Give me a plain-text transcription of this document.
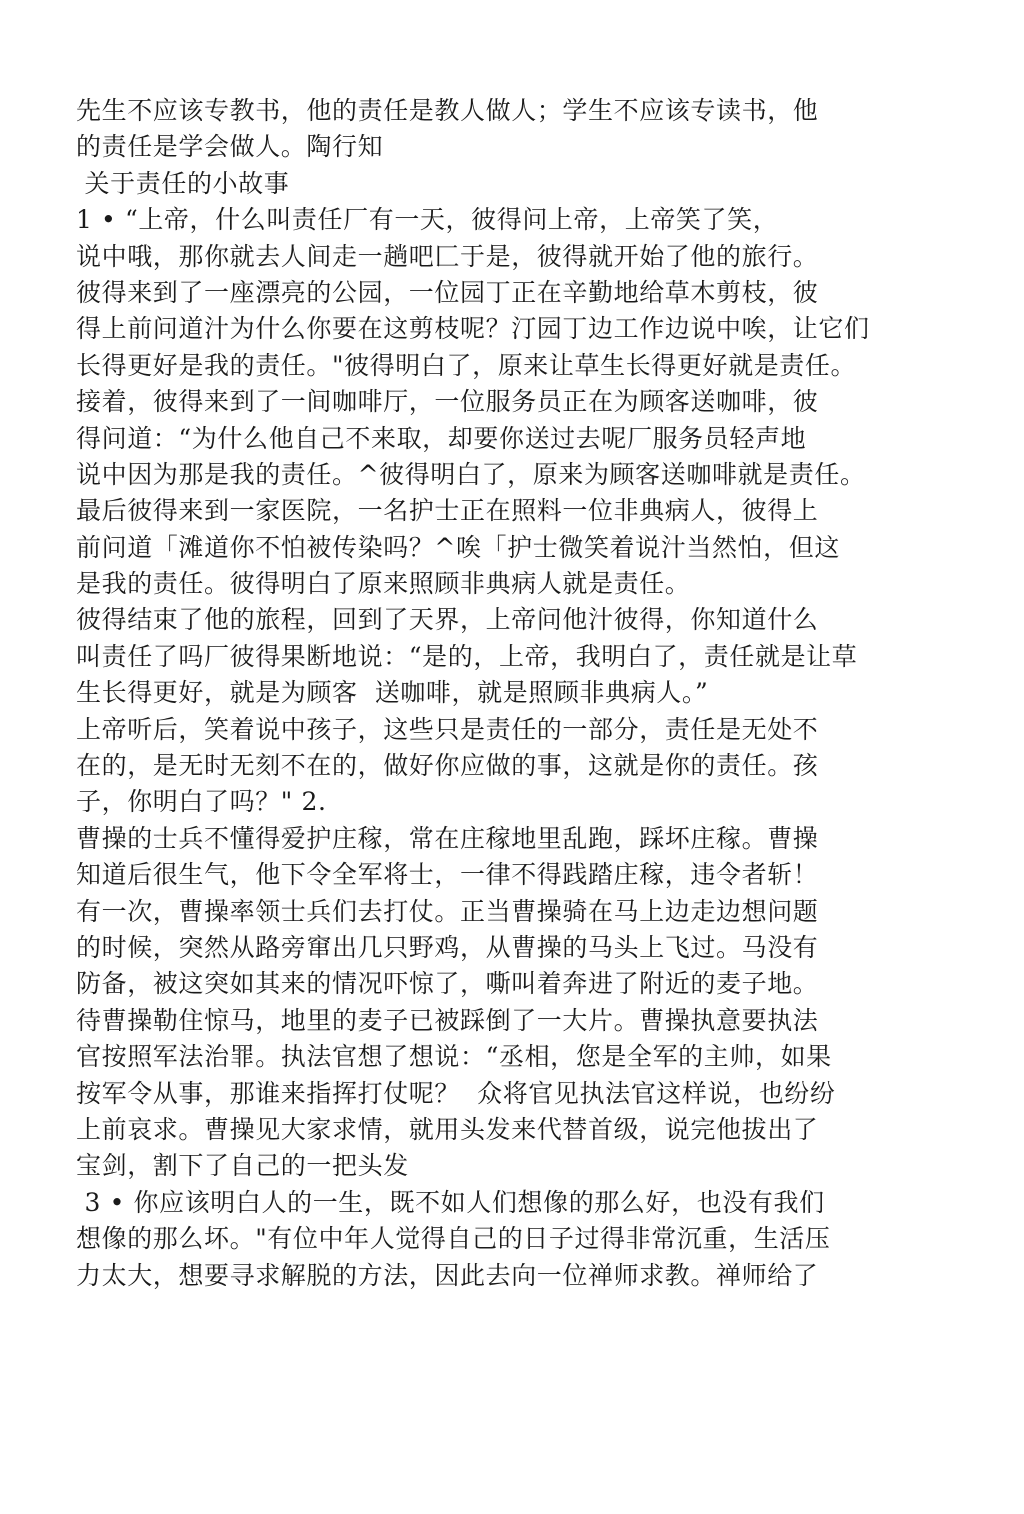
先生不应该专教书，他的责任是教人做人；学生不应该专读书，他
的责任是学会做人。陶行知
关于责任的小故事
1 • “上帝，什么叫责任厂有一天，彼得问上帝，上帝笑了笑，
说中哦，那你就去人间走一趟吧匚于是，彼得就开始了他的旅行。
彼得来到了一座漂亮的公园，一位园丁正在辛勤地给草木剪枝，彼
得上前问道汁为什么你要在这剪枝呢？汀园丁边工作边说中唉，让它们
长得更好是我的责任。"彼得明白了，原来让草生长得更好就是责任。
接着，彼得来到了一间咖啡厅，一位服务员正在为顾客送咖啡，彼
得问道：“为什么他自己不来取，却要你送过去呢厂服务员轻声地
说中因为那是我的责任。^彼得明白了，原来为顾客送咖啡就是责任。
最后彼得来到一家医院，一名护士正在照料一位非典病人，彼得上
前问道「滩道你不怕被传染吗？^唉「护士微笑着说汁当然怕，但这
是我的责任。彼得明白了原来照顾非典病人就是责任。
彼得结束了他的旅程，回到了天界，上帝问他汁彼得，你知道什么
叫责任了吗厂彼得果断地说：“是的，上帝，我明白了，责任就是让草
生长得更好，就是为顾客  送咖啡，就是照顾非典病人。”
上帝听后，笑着说中孩子，这些只是责任的一部分，责任是无处不
在的，是无时无刻不在的，做好你应做的事，这就是你的责任。孩
子，你明白了吗？" 2.
曹操的士兵不懂得爱护庄稼，常在庄稼地里乱跑，踩坏庄稼。曹操
知道后很生气，他下令全军将士，一律不得践踏庄稼，违令者斩！
有一次，曹操率领士兵们去打仗。正当曹操骑在马上边走边想问题
的时候，突然从路旁窜出几只野鸡，从曹操的马头上飞过。马没有
防备，被这突如其来的情况吓惊了，嘶叫着奔进了附近的麦子地。
待曹操勒住惊马，地里的麦子已被踩倒了一大片。曹操执意要执法
官按照军法治罪。执法官想了想说：“丞相，您是全军的主帅，如果
按军令从事，那谁来指挥打仗呢？  众将官见执法官这样说，也纷纷
上前哀求。曹操见大家求情，就用头发来代替首级，说完他拔出了
宝剑，割下了自己的一把头发
3 • 你应该明白人的一生，既不如人们想像的那么好，也没有我们
想像的那么坏。"有位中年人觉得自己的日子过得非常沉重，生活压
力太大，想要寻求解脱的方法，因此去向一位禅师求教。禅师给了
